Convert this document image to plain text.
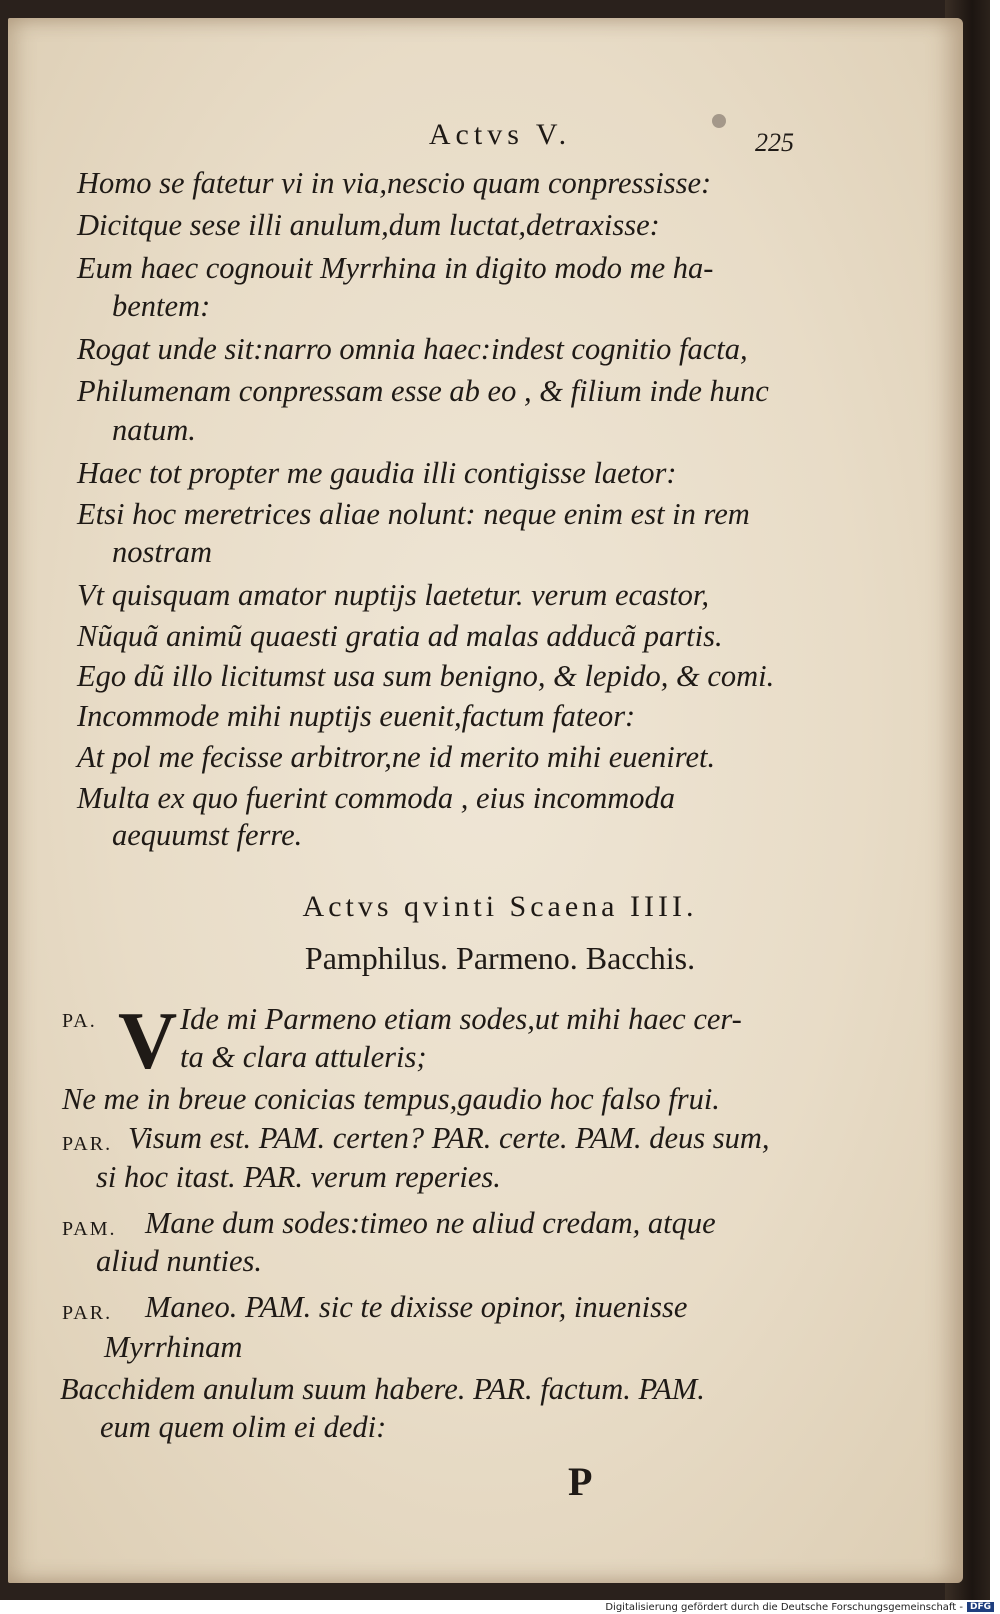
Actvs V.	225
Homo se fatetur vi in via,nescio quam conpressisse:
Dicitque sese illi anulum,dum luctat,detraxisse:
Eum haec cognouit Myrrhina in digito modo me ha-
bentem:
Rogat unde sit:narro omnia haec:indest cognitio facta,
Philumenam conpressam esse ab eo , & filium inde hunc
natum.
Haec tot propter me gaudia illi contigisse laetor:
Etsi hoc meretrices aliae nolunt: neque enim est in rem
nostram
Vt quisquam amator nuptijs laetetur. verum ecastor,
Nũquã animũ quaesti gratia ad malas adducã partis.
Ego dũ illo licitumst usa sum benigno, & lepido, & comi.
Incommode mihi nuptijs euenit,factum fateor:
At pol me fecisse arbitror,ne id merito mihi eueniret.
Multa ex quo fuerint commoda , eius incommoda
aequumst ferre.
Actvs qvinti Scaena IIII.
Pamphilus. Parmeno. Bacchis.
V
PA.	Ide mi Parmeno etiam sodes,ut mihi haec cer-
ta & clara attuleris;
Ne me in breue conicias tempus,gaudio hoc falso frui.
PAR. Visum est. PAM. certen? PAR. certe. PAM. deus sum,
si hoc itast. PAR. verum reperies.
PAM. Mane dum sodes:timeo ne aliud credam, atque
aliud nunties.
PAR. Maneo. PAM. sic te dixisse opinor, inuenisse
Myrrhinam
Bacchidem anulum suum habere. PAR. factum. PAM.
eum quem olim ei dedi:
P
Digitalisierung gefördert durch die Deutsche Forschungsgemeinschaft - DFG
